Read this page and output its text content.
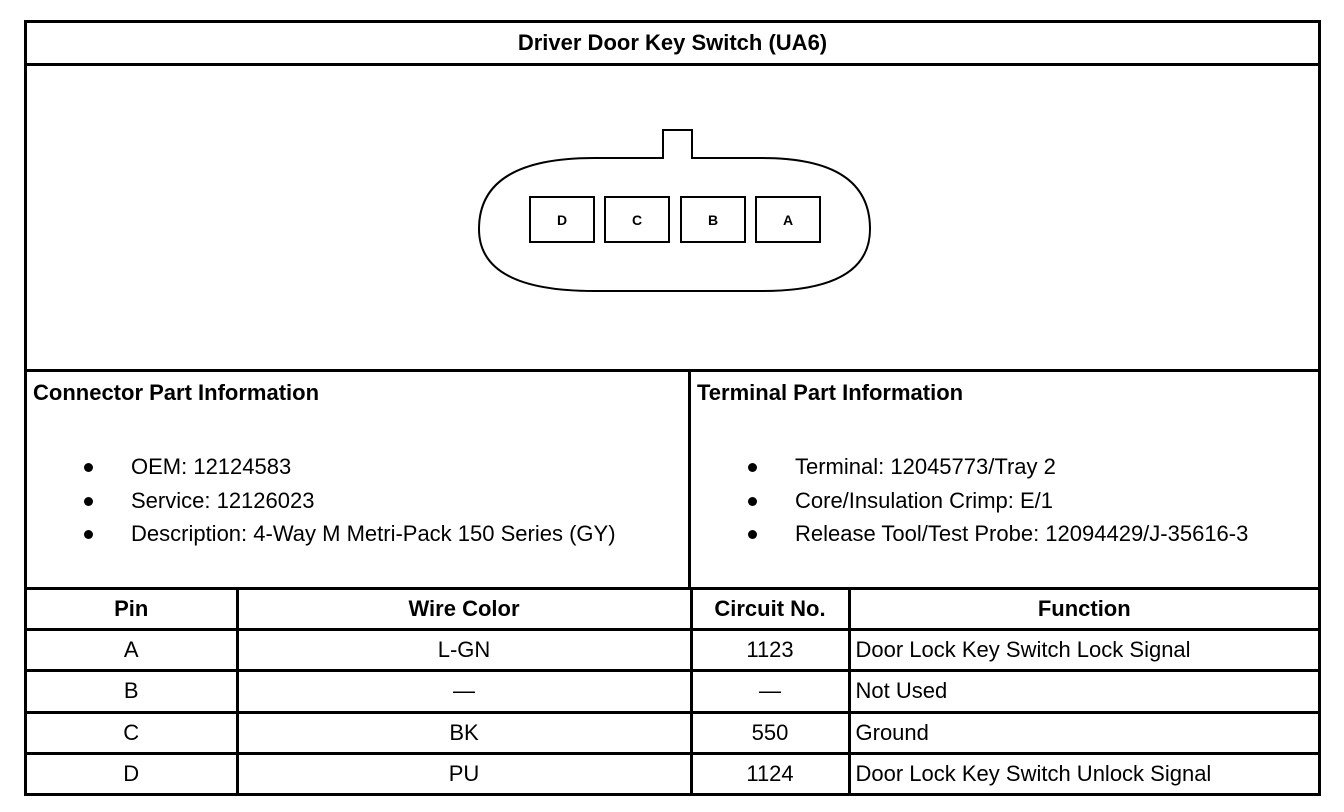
Driver Door Key Switch (UA6)
D	C	B	A
Connector Part Information
OEM: 12124583
Service: 12126023
Description: 4-Way M Metri-Pack 150 Series (GY)
Terminal Part Information
Terminal: 12045773/Tray 2
Core/Insulation Crimp: E/1
Release Tool/Test Probe: 12094429/J-35616-3
Pin	Wire Color	Circuit No.	Function
A	L-GN	1123	Door Lock Key Switch Lock Signal
B	—	—	Not Used
C	BK	550	Ground
D	PU	1124	Door Lock Key Switch Unlock Signal
